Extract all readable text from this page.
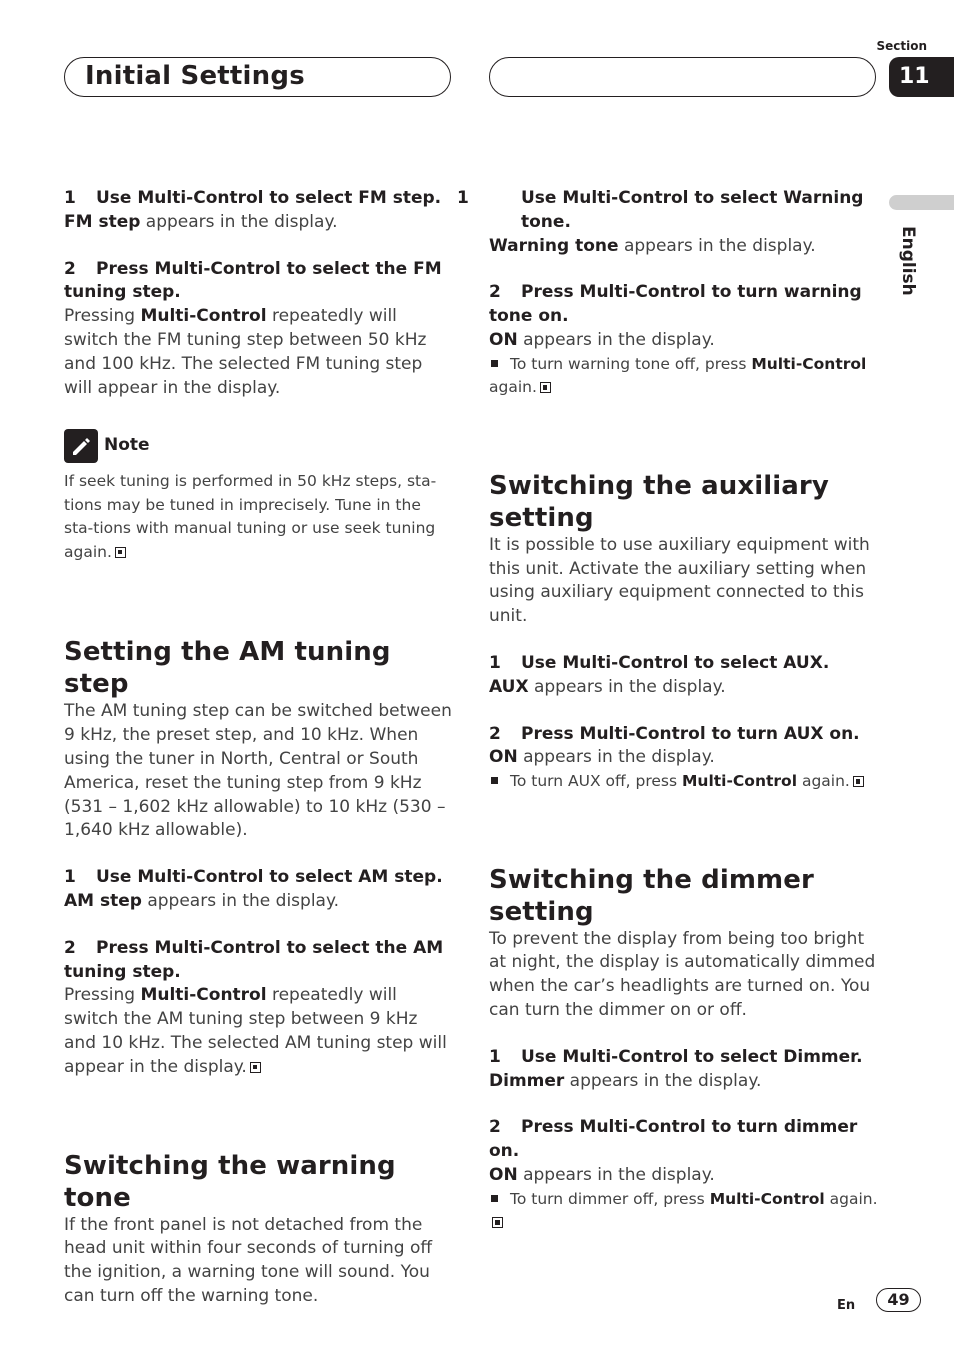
Initial Settings
Section
11
English

1 Use Multi-Control to select FM step.

FM step appears in the display.

2 Press Multi-Control to select the FM tuning step.

Pressing Multi-Control repeatedly will switch the FM tuning step between 50 kHz and 100 kHz. The selected FM tuning step will appear in the display.

Note

If seek tuning is performed in 50 kHz steps, sta-tions may be tuned in imprecisely. Tune in the sta-tions with manual tuning or use seek tuning again.

Setting the AM tuning step

The AM tuning step can be switched between 9 kHz, the preset step, and 10 kHz. When using the tuner in North, Central or South America, reset the tuning step from 9 kHz (531 – 1,602 kHz allowable) to 10 kHz (530 – 1,640 kHz allowable).

1 Use Multi-Control to select AM step.

AM step appears in the display.

2 Press Multi-Control to select the AM tuning step.

Pressing Multi-Control repeatedly will switch the AM tuning step between 9 kHz and 10 kHz. The selected AM tuning step will appear in the display.

Switching the warning tone

If the front panel is not detached from the head unit within four seconds of turning off the ignition, a warning tone will sound. You can turn off the warning tone.

1	Use Multi-Control to select Warning tone.

Warning tone appears in the display.

2 Press Multi-Control to turn warning tone on.

ON appears in the display.

To turn warning tone off, press Multi-Control again.

Switching the auxiliary setting

It is possible to use auxiliary equipment with this unit. Activate the auxiliary setting when using auxiliary equipment connected to this unit.

1 Use Multi-Control to select AUX.

AUX appears in the display.

2 Press Multi-Control to turn AUX on.

ON appears in the display.

To turn AUX off, press Multi-Control again.

Switching the dimmer setting

To prevent the display from being too bright at night, the display is automatically dimmed when the car’s headlights are turned on. You can turn the dimmer on or off.

1 Use Multi-Control to select Dimmer.

Dimmer appears in the display.

2 Press Multi-Control to turn dimmer on.

ON appears in the display.

To turn dimmer off, press Multi-Control again.

En	49
